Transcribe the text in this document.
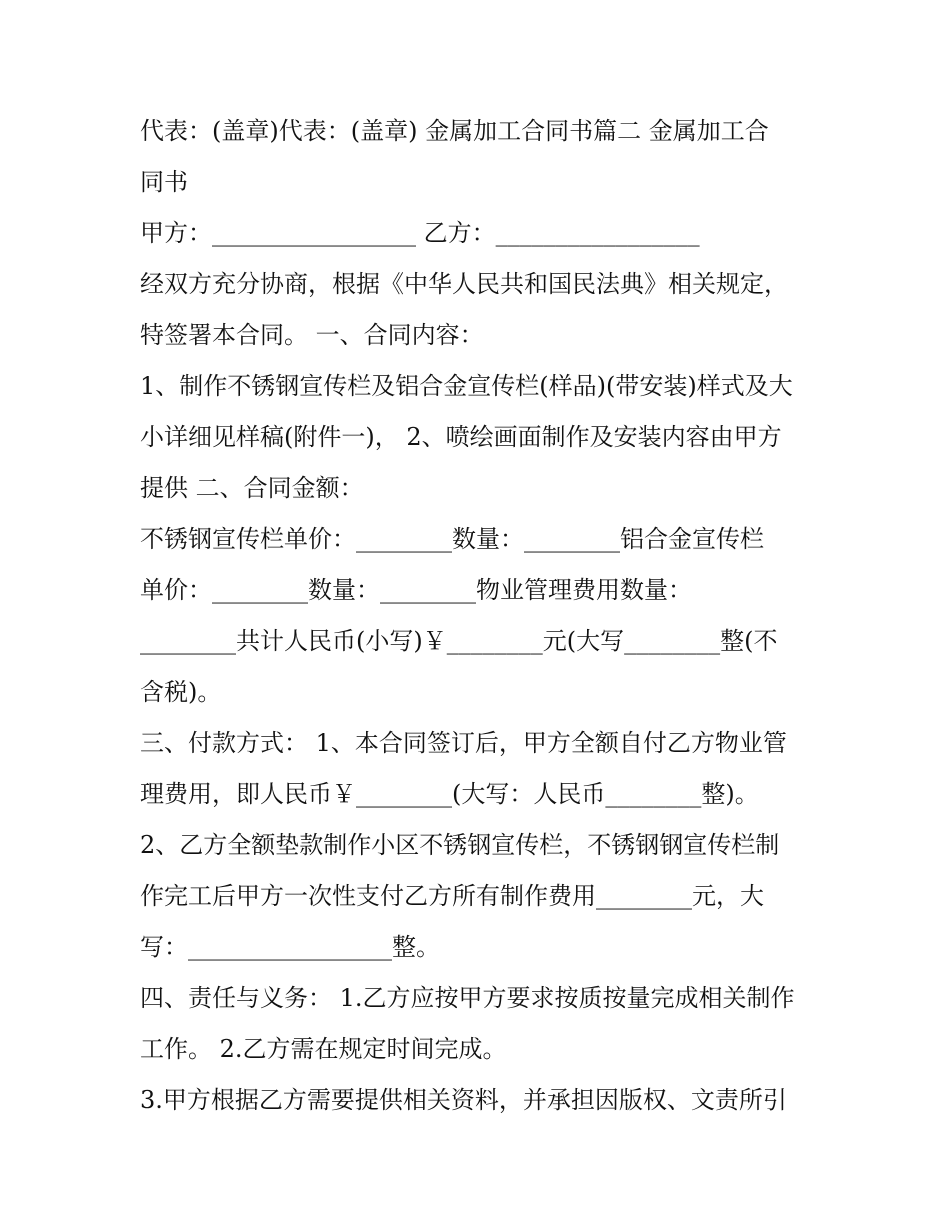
代表：(盖章)代表：(盖章) 金属加工合同书篇二 金属加工合
同书
甲方：_________________ 乙方：_________________
经双方充分协商，根据《中华人民共和国民法典》相关规定，
特签署本合同。 一、合同内容：
1、制作不锈钢宣传栏及铝合金宣传栏(样品)(带安装)样式及大
小详细见样稿(附件一)， 2、喷绘画面制作及安装内容由甲方
提供 二、合同金额：
不锈钢宣传栏单价：________数量：________铝合金宣传栏
单价：________数量：________物业管理费用数量：
________共计人民币(小写)￥________元(大写________整(不
含税)。
三、付款方式： 1、本合同签订后，甲方全额自付乙方物业管
理费用，即人民币￥________(大写：人民币________整)。
2、乙方全额垫款制作小区不锈钢宣传栏，不锈钢钢宣传栏制
作完工后甲方一次性支付乙方所有制作费用________元，大
写：_________________整。
四、责任与义务： 1.乙方应按甲方要求按质按量完成相关制作
工作。 2.乙方需在规定时间完成。
3.甲方根据乙方需要提供相关资料，并承担因版权、文责所引
